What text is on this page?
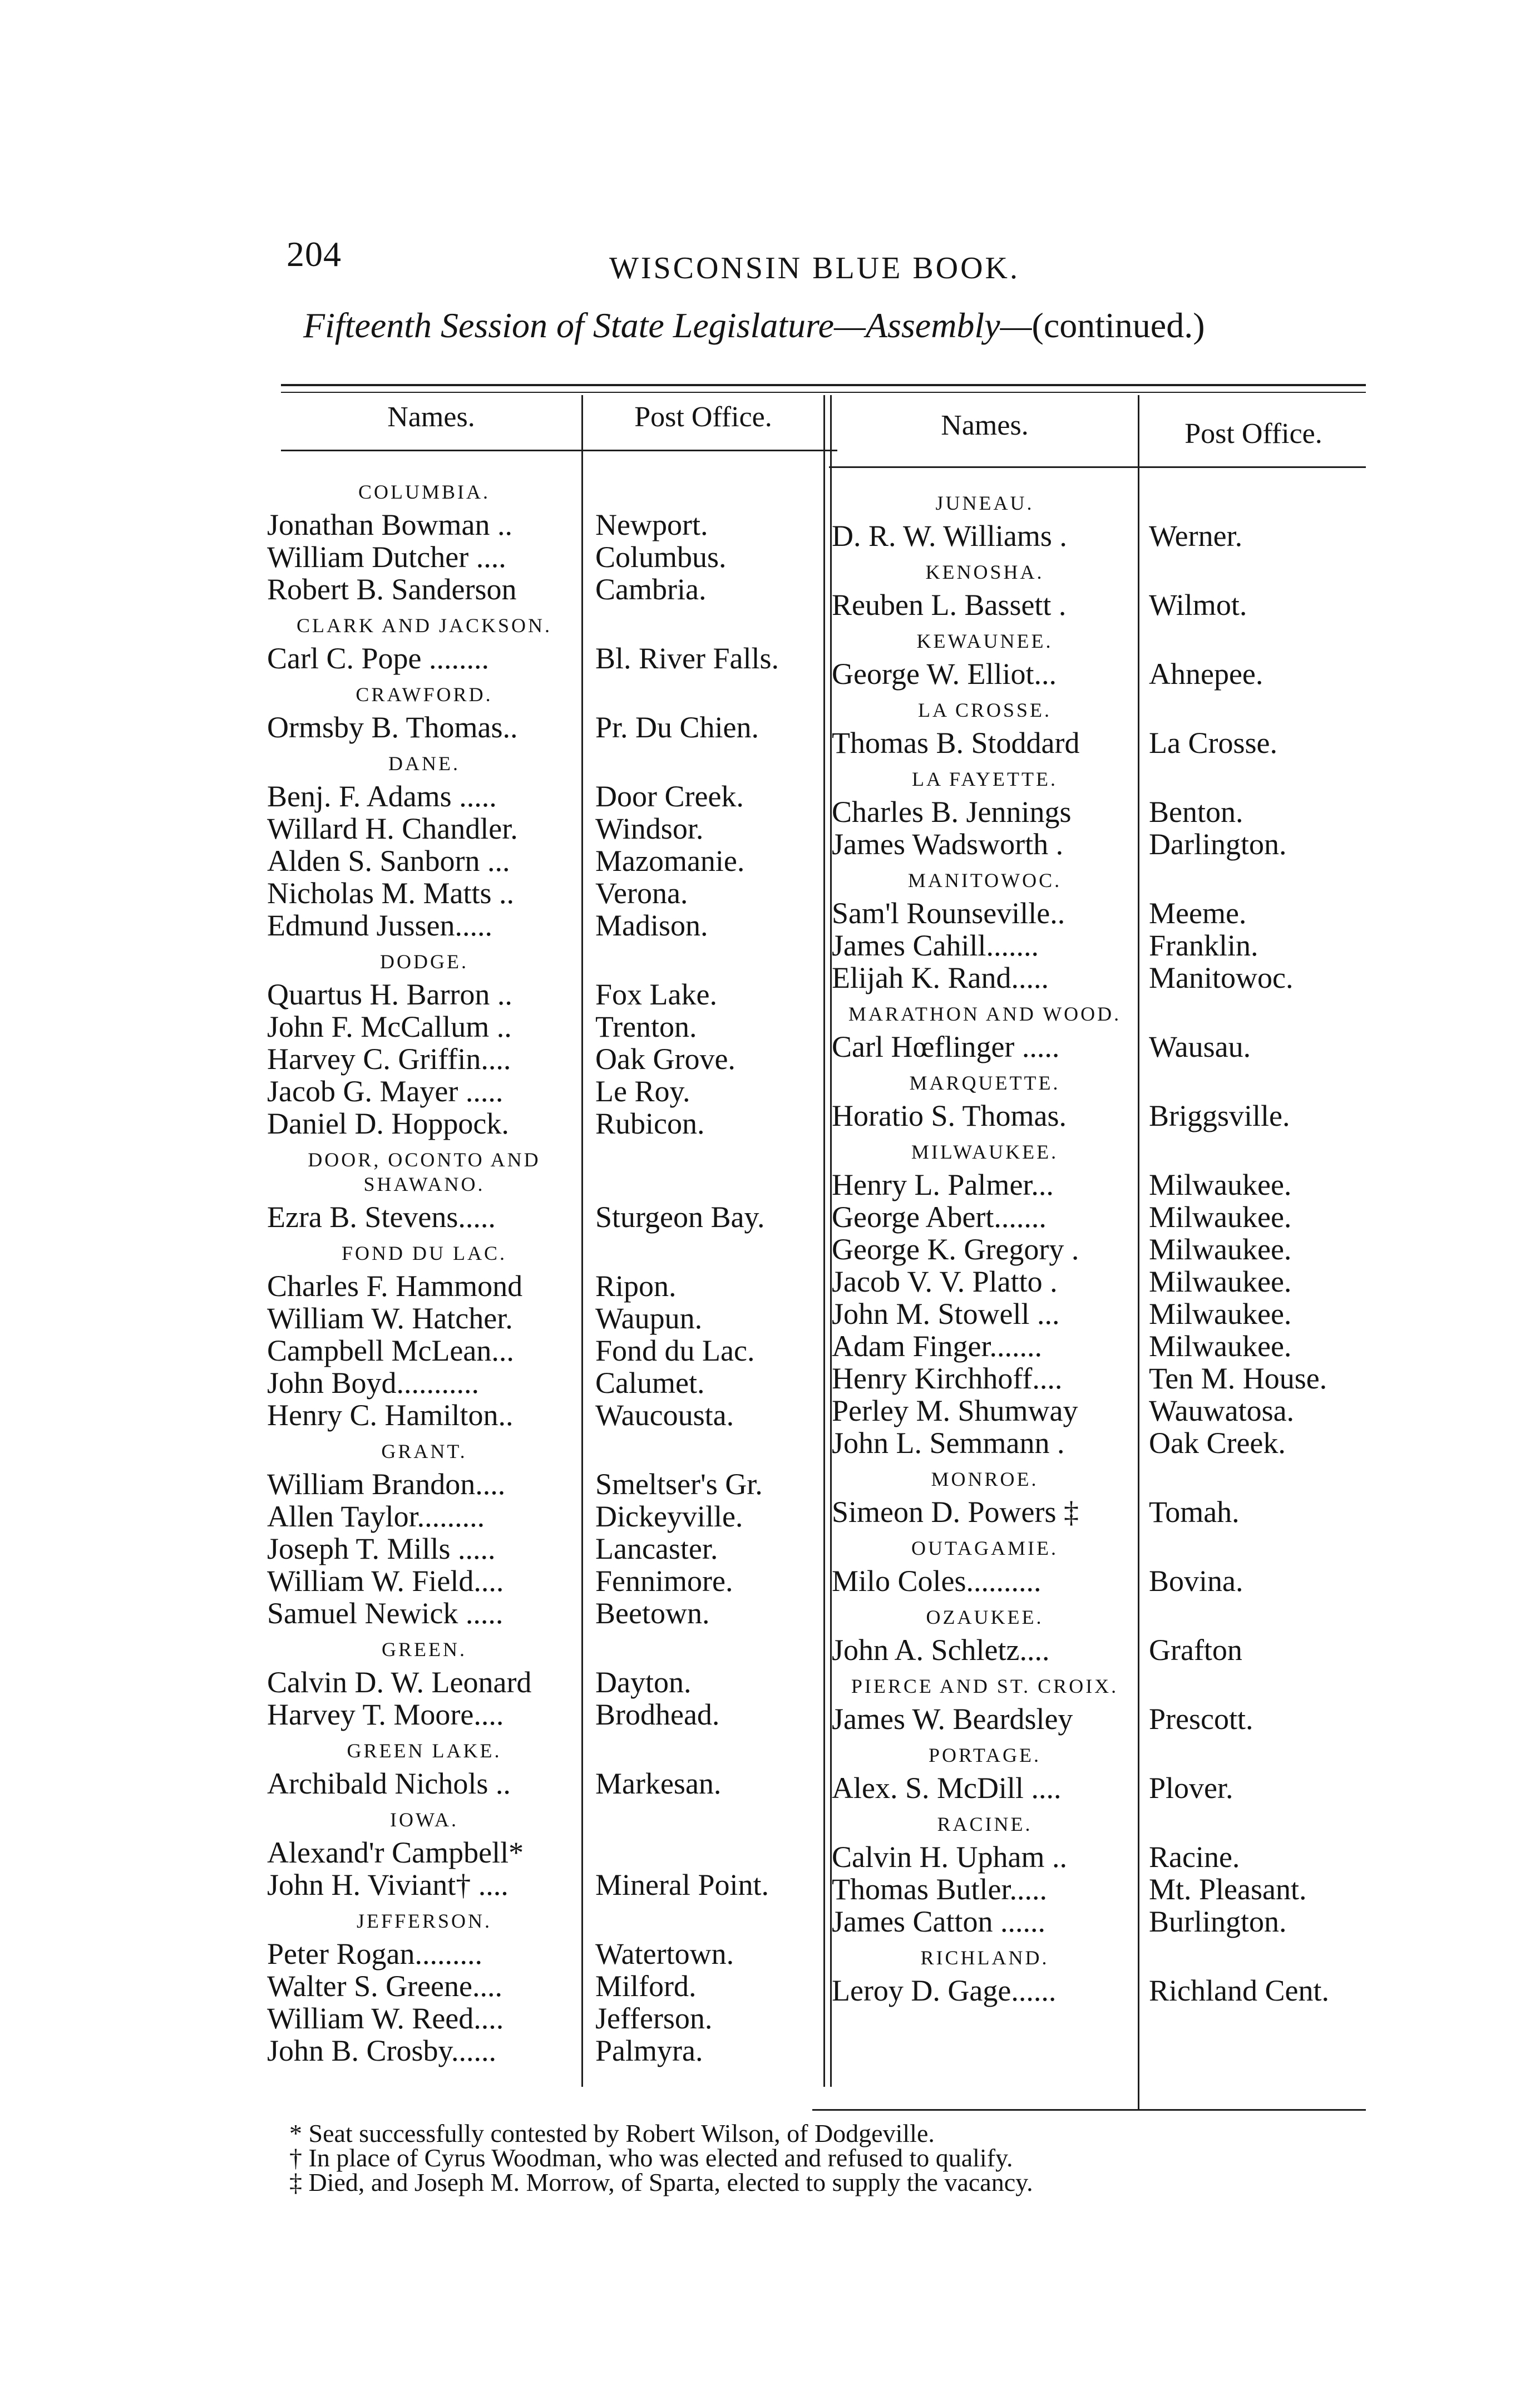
204	WISCONSIN BLUE BOOK.
Fifteenth Session of State Legislature—Assembly—(continued.)
Names.	Post Office.	Names.	Post Office.
COLUMBIA.
Jonathan Bowman ..	Newport.
William Dutcher ....	Columbus.
Robert B. Sanderson	Cambria.
CLARK AND JACKSON.
Carl C. Pope ........	Bl. River Falls.
CRAWFORD.
Ormsby B. Thomas..	Pr. Du Chien.
DANE.
Benj. F. Adams .....	Door Creek.
Willard H. Chandler.	Windsor.
Alden S. Sanborn ...	Mazomanie.
Nicholas M. Matts ..	Verona.
Edmund Jussen.....	Madison.
DODGE.
Quartus H. Barron ..	Fox Lake.
John F. McCallum ..	Trenton.
Harvey C. Griffin....	Oak Grove.
Jacob G. Mayer .....	Le Roy.
Daniel D. Hoppock.	Rubicon.
DOOR, OCONTO AND SHAWANO.
Ezra B. Stevens.....	Sturgeon Bay.
FOND DU LAC.
Charles F. Hammond Ripon.
William W. Hatcher.	Waupun.
Campbell McLean...	Fond du Lac.
John Boyd...........	Calumet.
Henry C. Hamilton..	Waucousta.
GRANT.
William Brandon....	Smeltser's Gr.
Allen Taylor.........	Dickeyville.
Joseph T. Mills .....	Lancaster.
William W. Field....	Fennimore.
Samuel Newick .....	Beetown.
GREEN.
Calvin D. W. Leonard Dayton.
Harvey T. Moore....	Brodhead.
GREEN LAKE.
Archibald Nichols ..	Markesan.
IOWA.
Alexand'r Campbell*
John H. Viviant† ....	Mineral Point.
JEFFERSON.
Peter Rogan.........	Watertown.
Walter S. Greene....	Milford.
William W. Reed....	Jefferson.
John B. Crosby......	Palmyra.
JUNEAU.
D. R. W. Williams .	Werner.
KENOSHA.
Reuben L. Bassett .	Wilmot.
KEWAUNEE.
George W. Elliot...	Ahnepee.
LA CROSSE.
Thomas B. Stoddard La Crosse.
LA FAYETTE.
Charles B. Jennings	Benton.
James Wadsworth .	Darlington.
MANITOWOC.
Sam'l Rounseville..	Meeme.
James Cahill.......	Franklin.
Elijah K. Rand.....	Manitowoc.
MARATHON AND WOOD.
Carl Hœflinger .....	Wausau.
MARQUETTE.
Horatio S. Thomas.	Briggsville.
MILWAUKEE.
Henry L. Palmer...	Milwaukee.
George Abert.......	Milwaukee.
George K. Gregory . Milwaukee.
Jacob V. V. Platto .	Milwaukee.
John M. Stowell ...	Milwaukee.
Adam Finger.......	Milwaukee.
Henry Kirchhoff....	Ten M. House.
Perley M. Shumway Wauwatosa.
John L. Semmann .	Oak Creek.
MONROE.
Simeon D. Powers ‡ Tomah.
OUTAGAMIE.
Milo Coles..........	Bovina.
OZAUKEE.
John A. Schletz....	Grafton
PIERCE AND ST. CROIX.
James W. Beardsley	Prescott.
PORTAGE.
Alex. S. McDill ....	Plover.
RACINE.
Calvin H. Upham ..	Racine.
Thomas Butler.....	Mt. Pleasant.
James Catton ......	Burlington.
RICHLAND.
Leroy D. Gage......	Richland Cent.
* Seat successfully contested by Robert Wilson, of Dodgeville.
† In place of Cyrus Woodman, who was elected and refused to qualify.
‡ Died, and Joseph M. Morrow, of Sparta, elected to supply the vacancy.
